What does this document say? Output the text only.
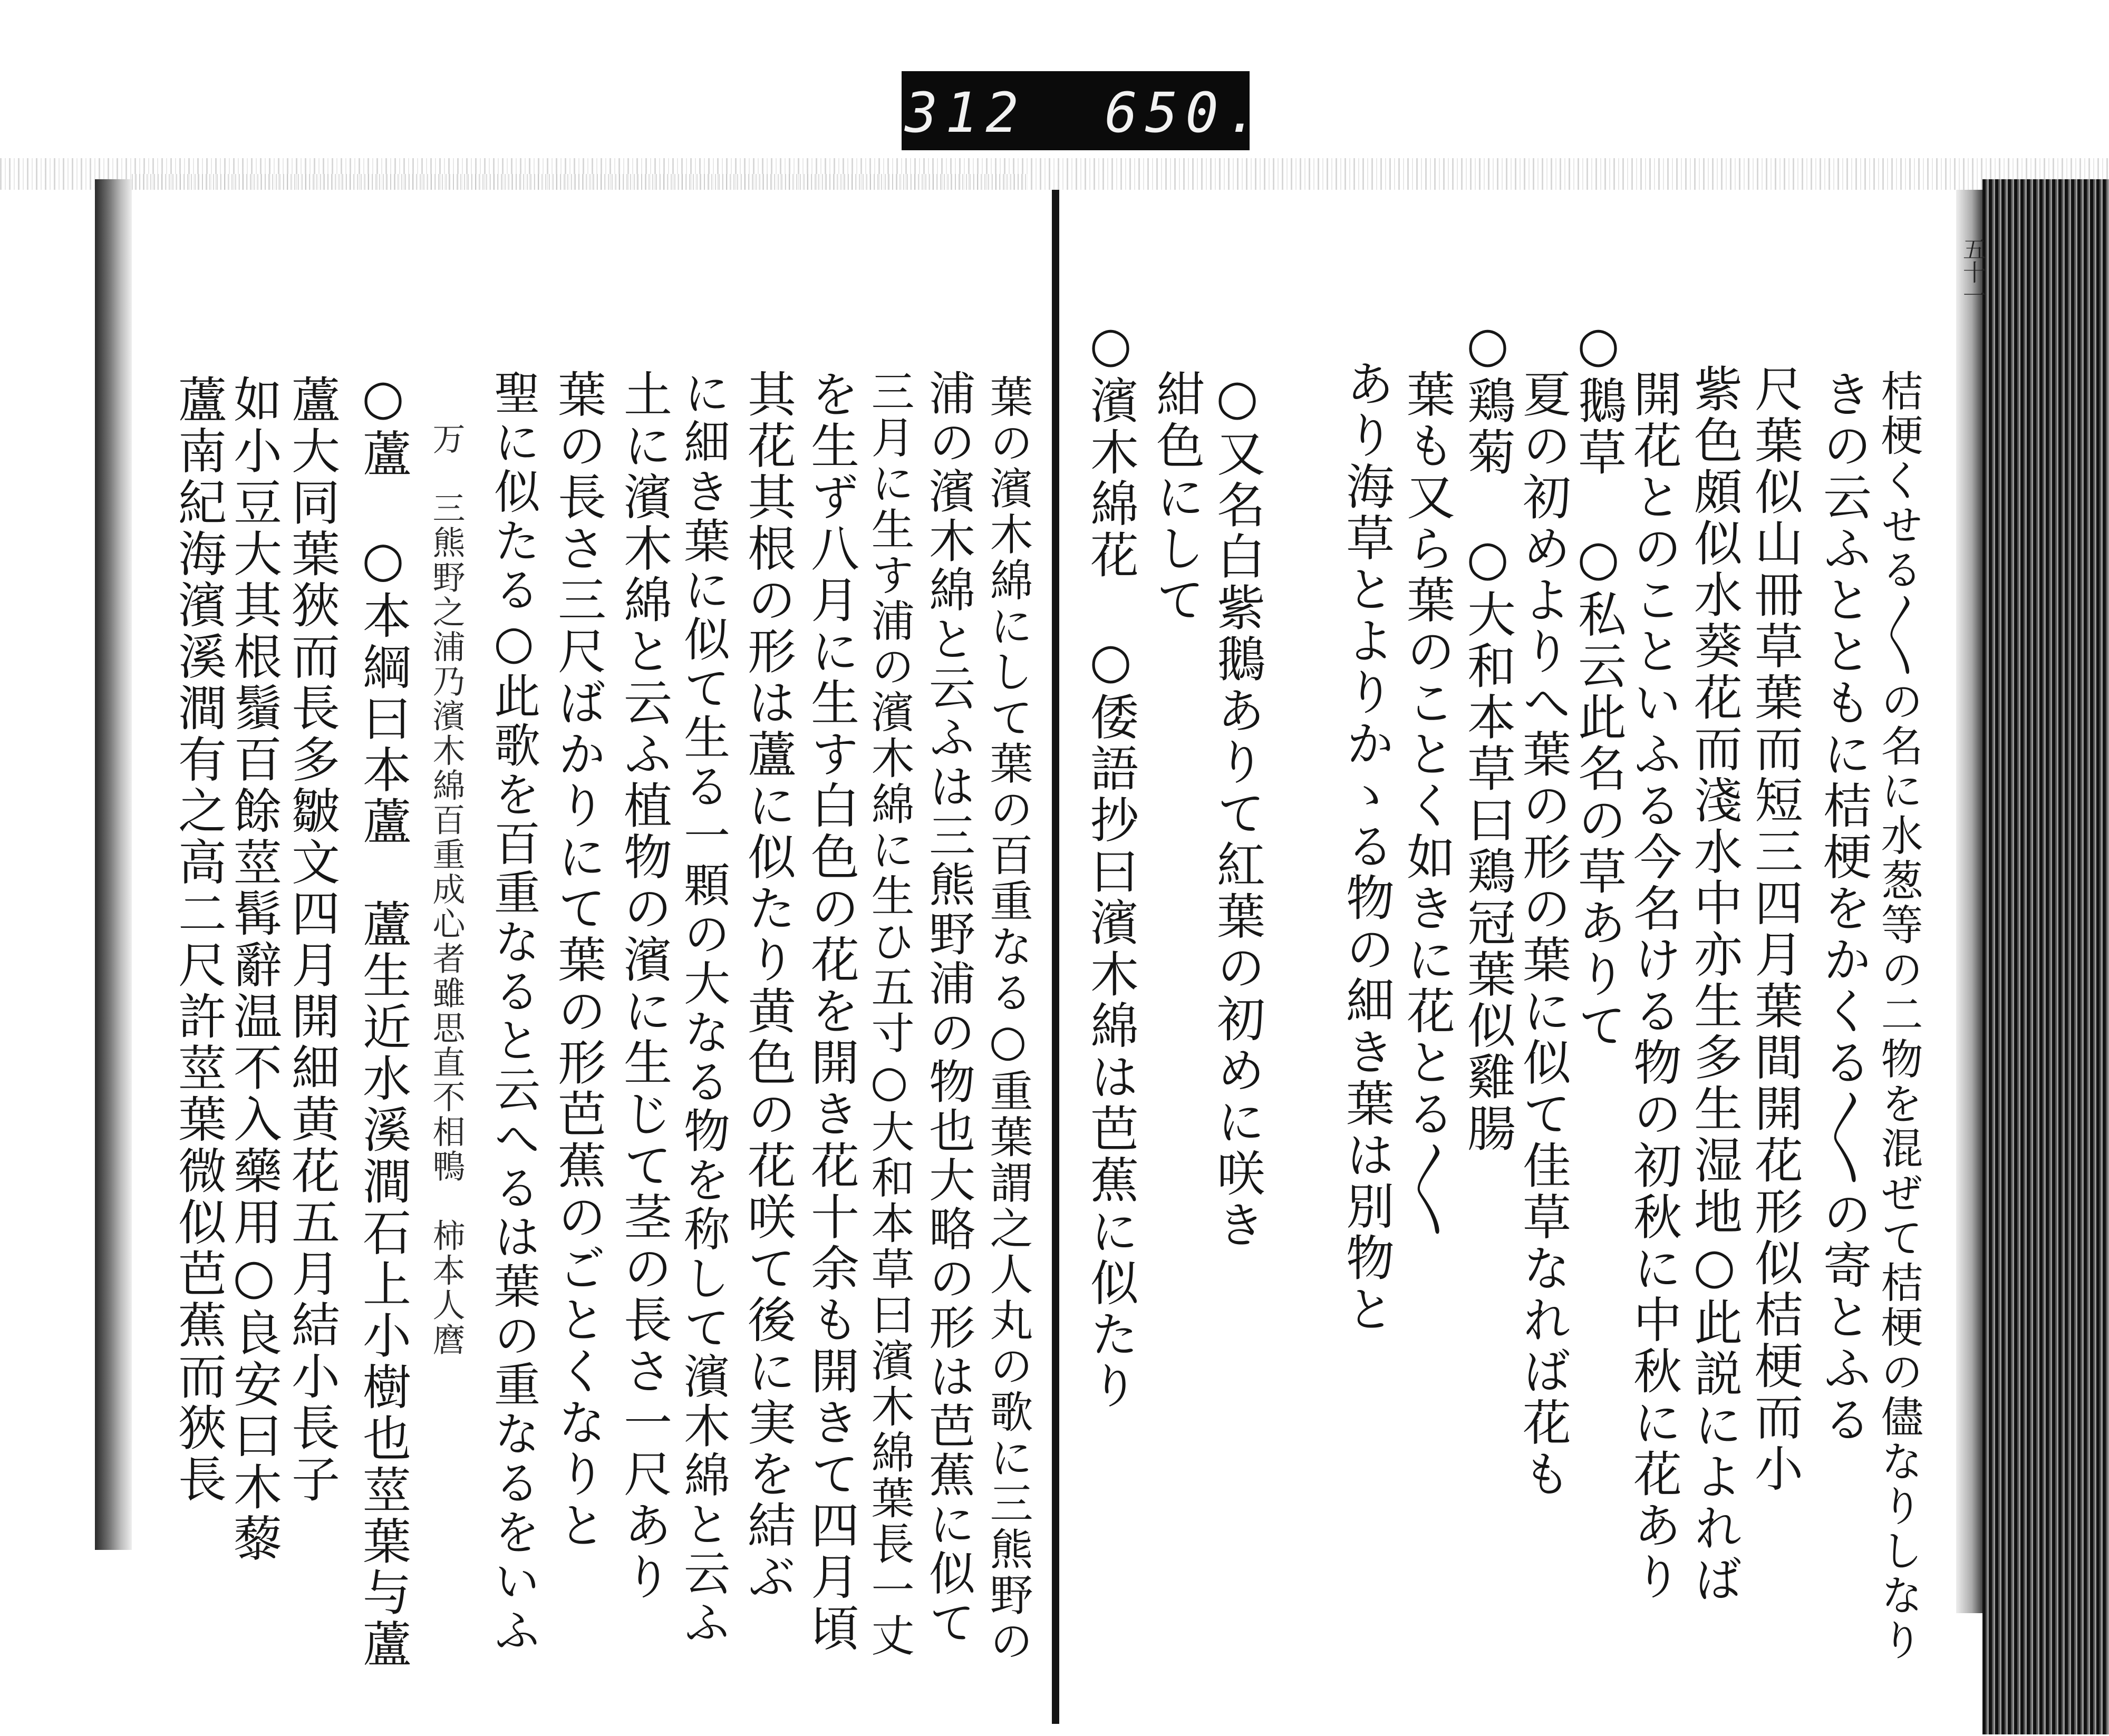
312 650.
五十一
桔梗くせる〳〵の名に水葱等の二物を混ぜて桔梗の儘なりしなり
きの云ふとともに桔梗をかくる〳〵の寄とふる
尺葉似山冊草葉而短三四月葉間開花形似桔梗而小
紫色頗似水葵花而淺水中亦生多生湿地○此説によれば
開花とのこといふる今名ける物の初秋に中秋に花あり
○鵝草　○私云此名の草ありて
夏の初めよりへ葉の形の葉に似て佳草なれば花も
○鶏菊　○大和本草曰鶏冠葉似雞腸
葉も又ら葉のことく如きに花とる〳〵
あり海草とよりかゝる物の細き葉は別物と
○又名白紫鵝ありて紅葉の初めに咲き
紺色にして
○濱木綿花　○倭語抄曰濱木綿は芭蕉に似たり
葉の濱木綿にして葉の百重なる○重葉謂之人丸の歌に三熊野の
浦の濱木綿と云ふは三熊野浦の物也大略の形は芭蕉に似て
三月に生す浦の濱木綿に生ひ五寸○大和本草曰濱木綿葉長一丈
を生ず八月に生す白色の花を開き花十余も開きて四月頃
其花其根の形は蘆に似たり黄色の花咲て後に実を結ぶ
に細き葉に似て生る一顆の大なる物を称して濱木綿と云ふ
土に濱木綿と云ふ植物の濱に生じて茎の長さ一尺あり
葉の長さ三尺ばかりにて葉の形芭蕉のごとくなりと
聖に似たる○此歌を百重なると云へるは葉の重なるをいふ
万　三熊野之浦乃濱木綿百重成心者雖思直不相鴨　柿本人麿
○蘆　○本綱曰本蘆　蘆生近水溪澗石上小樹也莖葉与蘆
蘆大同葉狹而長多皺文四月開細黄花五月結小長子
如小豆大其根鬚百餘莖髯辭温不入藥用○良安曰木藜
蘆南紀海濱溪澗有之高二尺許莖葉微似芭蕉而狹長
